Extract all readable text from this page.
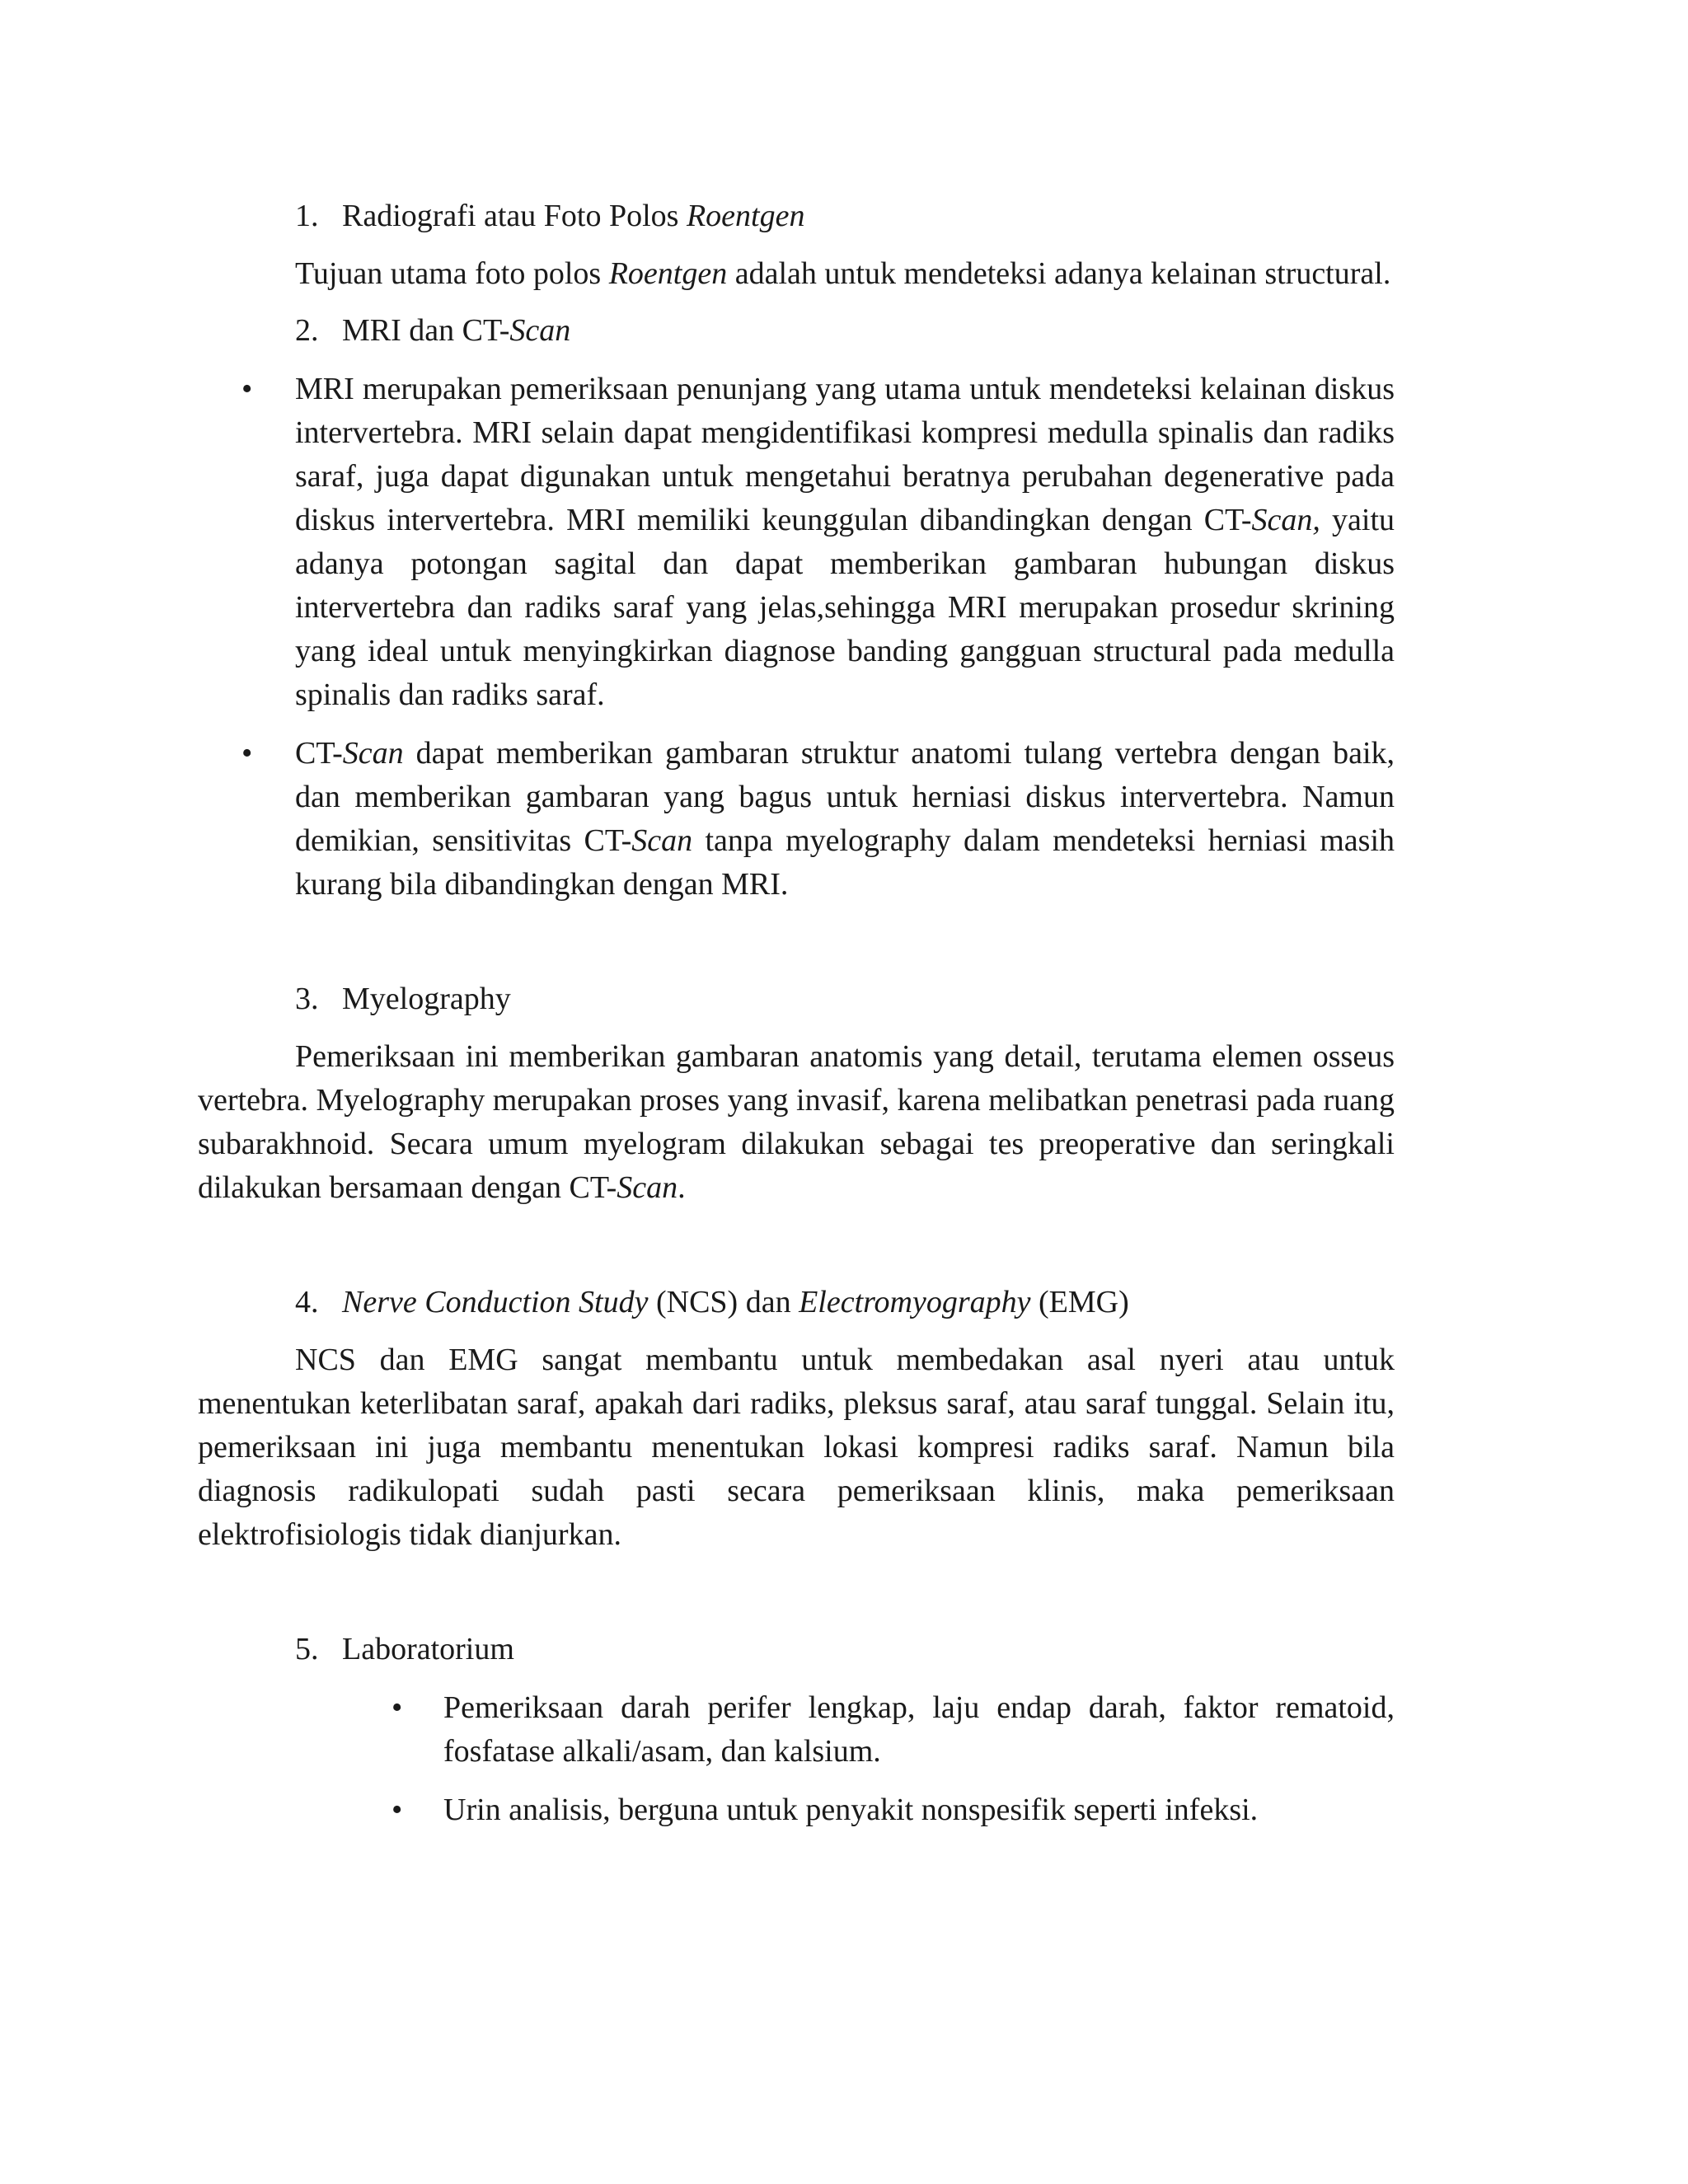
1. Radiografi atau Foto Polos Roentgen
Tujuan utama foto polos Roentgen adalah untuk mendeteksi adanya kelainan structural.
2. MRI dan CT-Scan
• MRI merupakan pemeriksaan penunjang yang utama untuk mendeteksi kelainan diskus intervertebra. MRI selain dapat mengidentifikasi kompresi medulla spinalis dan radiks saraf, juga dapat digunakan untuk mengetahui beratnya perubahan degenerative pada diskus intervertebra. MRI memiliki keunggulan dibandingkan dengan CT-Scan, yaitu adanya potongan sagital dan dapat memberikan gambaran hubungan diskus intervertebra dan radiks saraf yang jelas,sehingga MRI merupakan prosedur skrining yang ideal untuk menyingkirkan diagnose banding gangguan structural pada medulla spinalis dan radiks saraf.
• CT-Scan dapat memberikan gambaran struktur anatomi tulang vertebra dengan baik, dan memberikan gambaran yang bagus untuk herniasi diskus intervertebra. Namun demikian, sensitivitas CT-Scan tanpa myelography dalam mendeteksi herniasi masih kurang bila dibandingkan dengan MRI.
3. Myelography
Pemeriksaan ini memberikan gambaran anatomis yang detail, terutama elemen osseus vertebra. Myelography merupakan proses yang invasif, karena melibatkan penetrasi pada ruang subarakhnoid. Secara umum myelogram dilakukan sebagai tes preoperative dan seringkali dilakukan bersamaan dengan CT-Scan.
4. Nerve Conduction Study (NCS) dan Electromyography (EMG)
NCS dan EMG sangat membantu untuk membedakan asal nyeri atau untuk menentukan keterlibatan saraf, apakah dari radiks, pleksus saraf, atau saraf tunggal. Selain itu, pemeriksaan ini juga membantu menentukan lokasi kompresi radiks saraf. Namun bila diagnosis radikulopati sudah pasti secara pemeriksaan klinis, maka pemeriksaan elektrofisiologis tidak dianjurkan.
5. Laboratorium
• Pemeriksaan darah perifer lengkap, laju endap darah, faktor rematoid, fosfatase alkali/asam, dan kalsium.
• Urin analisis, berguna untuk penyakit nonspesifik seperti infeksi.
